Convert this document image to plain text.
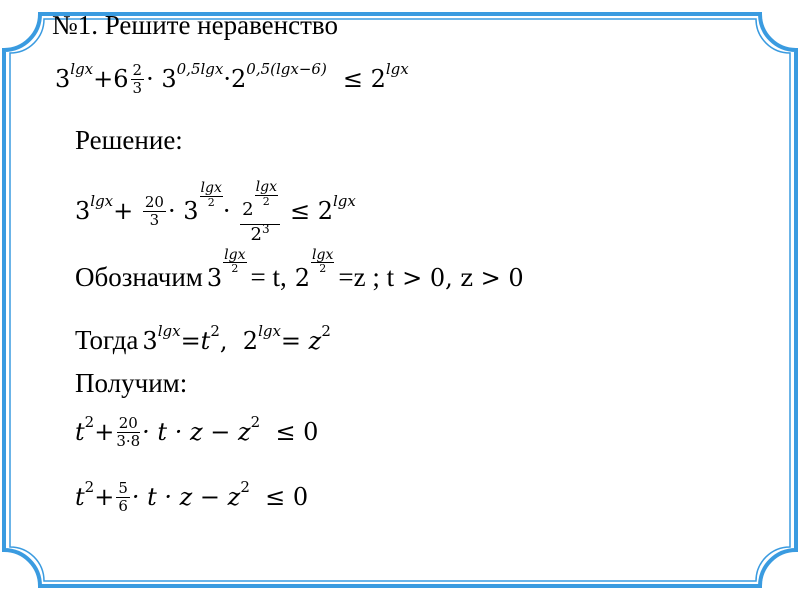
№1. Решите неравенство
3 $\lg x + 6 \frac{2}{3}$ ·
3 0,5lgx · 2 0,5(lgx−6) ≤
2 lgx
Решение:
3 lgx +
$\frac{20}{3}$ ·
3
$\frac{\lg x}{2}$
·
2
$\frac{\lg x}{2}$
23 ≤
2 lgx
Обозначим
3
$\frac{\lg x}{2}$

= t,
2
$\frac{\lg x}{2}$

=z ; t
> 0, z > 0
Тогда
3 lgx =t 2 ,
2 lgx = z 2
Получим:
t $2 + \frac{20}{3\cdot 8} \cdot t \cdot z - z$ 2
≤ 0
t $2 + \frac{5}{6} \cdot t \cdot z - z$ 2
≤ 0
